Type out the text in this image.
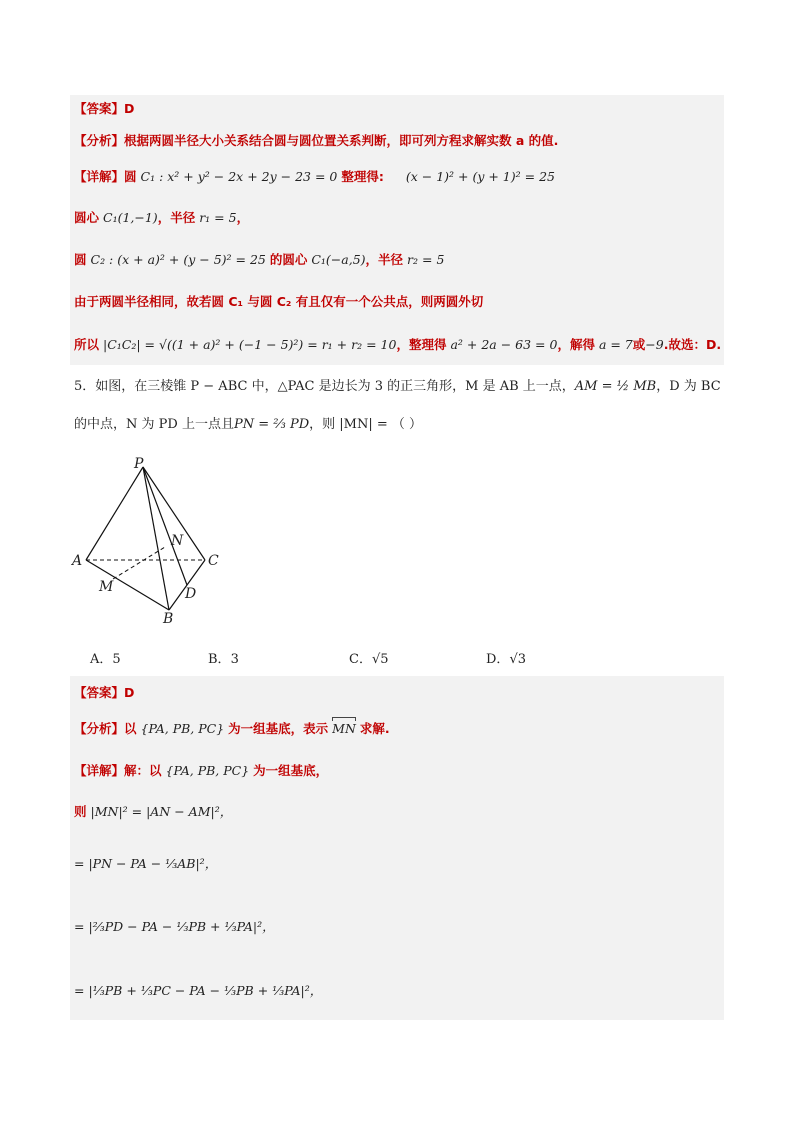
【答案】D
【分析】根据两圆半径大小关系结合圆与圆位置关系判断，即可列方程求解实数 a 的值.
【详解】圆 C₁ : x² + y² − 2x + 2y − 23 = 0 整理得: (x − 1)² + (y + 1)² = 25
圆心 C₁(1,−1)，半径 r₁ = 5，
圆 C₂ : (x + a)² + (y − 5)² = 25 的圆心 C₁(−a,5)，半径 r₂ = 5
由于两圆半径相同，故若圆 C₁ 与圆 C₂ 有且仅有一个公共点，则两圆外切
所以 |C₁C₂| = √((1 + a)² + (−1 − 5)²) = r₁ + r₂ = 10，整理得 a² + 2a − 63 = 0，解得 a = 7或−9.故选：D.
5．如图，在三棱锥 P − ABC 中，△PAC 是边长为 3 的正三角形，M 是 AB 上一点，AM = ½ MB，D 为 BC
的中点，N 为 PD 上一点且PN = ⅔ PD，则 |MN| = （ ）
P
A	C
N
M	D
B
A．5	B．3	C．√5	D．√3
【答案】D
【分析】以 {PA, PB, PC} 为一组基底，表示 MN 求解.
【详解】解：以 {PA, PB, PC} 为一组基底，
则 |MN|² = |AN − AM|²，
= |PN − PA − ⅓AB|²，
= |⅔PD − PA − ⅓PB + ⅓PA|²，
= |⅓PB + ⅓PC − PA − ⅓PB + ⅓PA|²，
